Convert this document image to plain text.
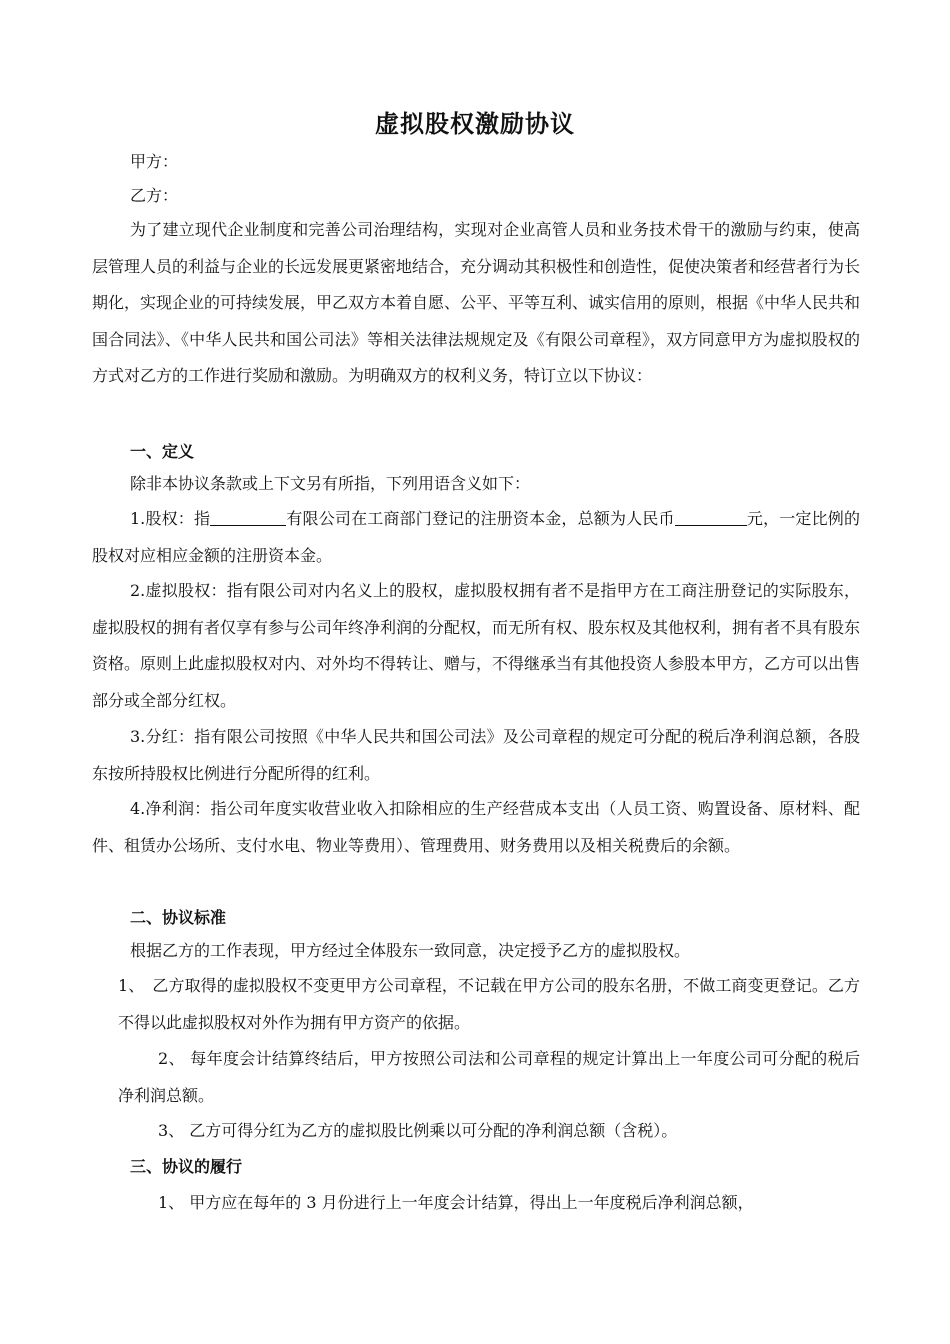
虚拟股权激励协议

甲方：

乙方：

为了建立现代企业制度和完善公司治理结构，实现对企业高管人员和业务技术骨干的激励与约束，使高层管理人员的利益与企业的长远发展更紧密地结合，充分调动其积极性和创造性，促使决策者和经营者行为长期化，实现企业的可持续发展，甲乙双方本着自愿、公平、平等互利、诚实信用的原则，根据《中华人民共和国合同法》、《中华人民共和国公司法》等相关法律法规规定及《有限公司章程》，双方同意甲方为虚拟股权的方式对乙方的工作进行奖励和激励。为明确双方的权利义务，特订立以下协议：

一、定义

除非本协议条款或上下文另有所指，下列用语含义如下：

1.股权：指	有限公司在工商部门登记的注册资本金，总额为人民币	元，一定比例的股权对应相应金额的注册资本金。

2.虚拟股权：指有限公司对内名义上的股权，虚拟股权拥有者不是指甲方在工商注册登记的实际股东，虚拟股权的拥有者仅享有参与公司年终净利润的分配权，而无所有权、股东权及其他权利，拥有者不具有股东资格。原则上此虚拟股权对内、对外均不得转让、赠与，不得继承当有其他投资人参股本甲方，乙方可以出售部分或全部分红权。

3.分红：指有限公司按照《中华人民共和国公司法》及公司章程的规定可分配的税后净利润总额，各股东按所持股权比例进行分配所得的红利。

4.净利润：指公司年度实收营业收入扣除相应的生产经营成本支出（人员工资、购置设备、原材料、配件、租赁办公场所、支付水电、物业等费用）、管理费用、财务费用以及相关税费后的余额。

二、协议标准

根据乙方的工作表现，甲方经过全体股东一致同意，决定授予乙方的虚拟股权。

1、　乙方取得的虚拟股权不变更甲方公司章程，不记载在甲方公司的股东名册，不做工商变更登记。乙方不得以此虚拟股权对外作为拥有甲方资产的依据。

2、 每年度会计结算终结后，甲方按照公司法和公司章程的规定计算出上一年度公司可分配的税后净利润总额。

3、 乙方可得分红为乙方的虚拟股比例乘以可分配的净利润总额（含税）。

三、协议的履行

1、 甲方应在每年的 3 月份进行上一年度会计结算，得出上一年度税后净利润总额，
